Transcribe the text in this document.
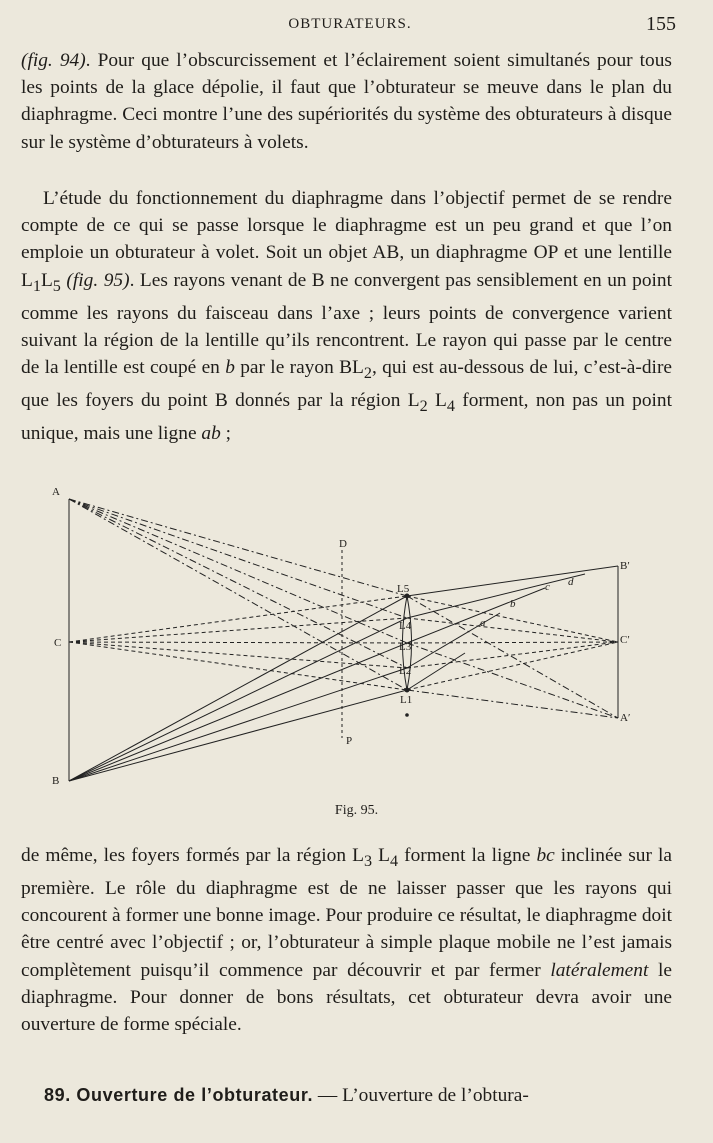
OBTURATEURS.	155

(fig. 94). Pour que l’obscurcissement et l’éclairement soient simultanés pour tous les points de la glace dépolie, il faut que l’obturateur se meuve dans le plan du diaphragme. Ceci montre l’une des supériorités du système des obturateurs à disque sur le système d’obturateurs à volets.

L’étude du fonctionnement du diaphragme dans l’objectif permet de se rendre compte de ce qui se passe lorsque le diaphragme est un peu grand et que l’on emploie un obturateur à volet. Soit un objet AB, un diaphragme OP et une lentille $L_1L_5$ (fig. 95). Les rayons venant de B ne convergent pas sensiblement en un point comme les rayons du faisceau dans l’axe ; leurs points de convergence varient suivant la région de la lentille qu’ils rencontrent. Le rayon qui passe par le centre de la lentille est coupé en b par le rayon $BL_2$, qui est au-dessous de lui, c’est-à-dire que les foyers du point B donnés par la région $L_2$ $L_4$ forment, non pas un point unique, mais une ligne ab ;

A
C
B
D
P
L5
L4
L3
L2
L1
B′
C′
A′
a
b
c d
Fig. 95.

de même, les foyers formés par la région $L_3$ $L_4$ forment la ligne bc inclinée sur la première. Le rôle du diaphragme est de ne laisser passer que les rayons qui concourent à former une bonne image. Pour produire ce résultat, le diaphragme doit être centré avec l’objectif ; or, l’obturateur à simple plaque mobile ne l’est jamais complètement puisqu’il commence par découvrir et par fermer latéralement le diaphragme. Pour donner de bons résultats, cet obturateur devra avoir une ouverture de forme spéciale.

89. Ouverture de l’obturateur. — L’ouverture de l’obtura-
